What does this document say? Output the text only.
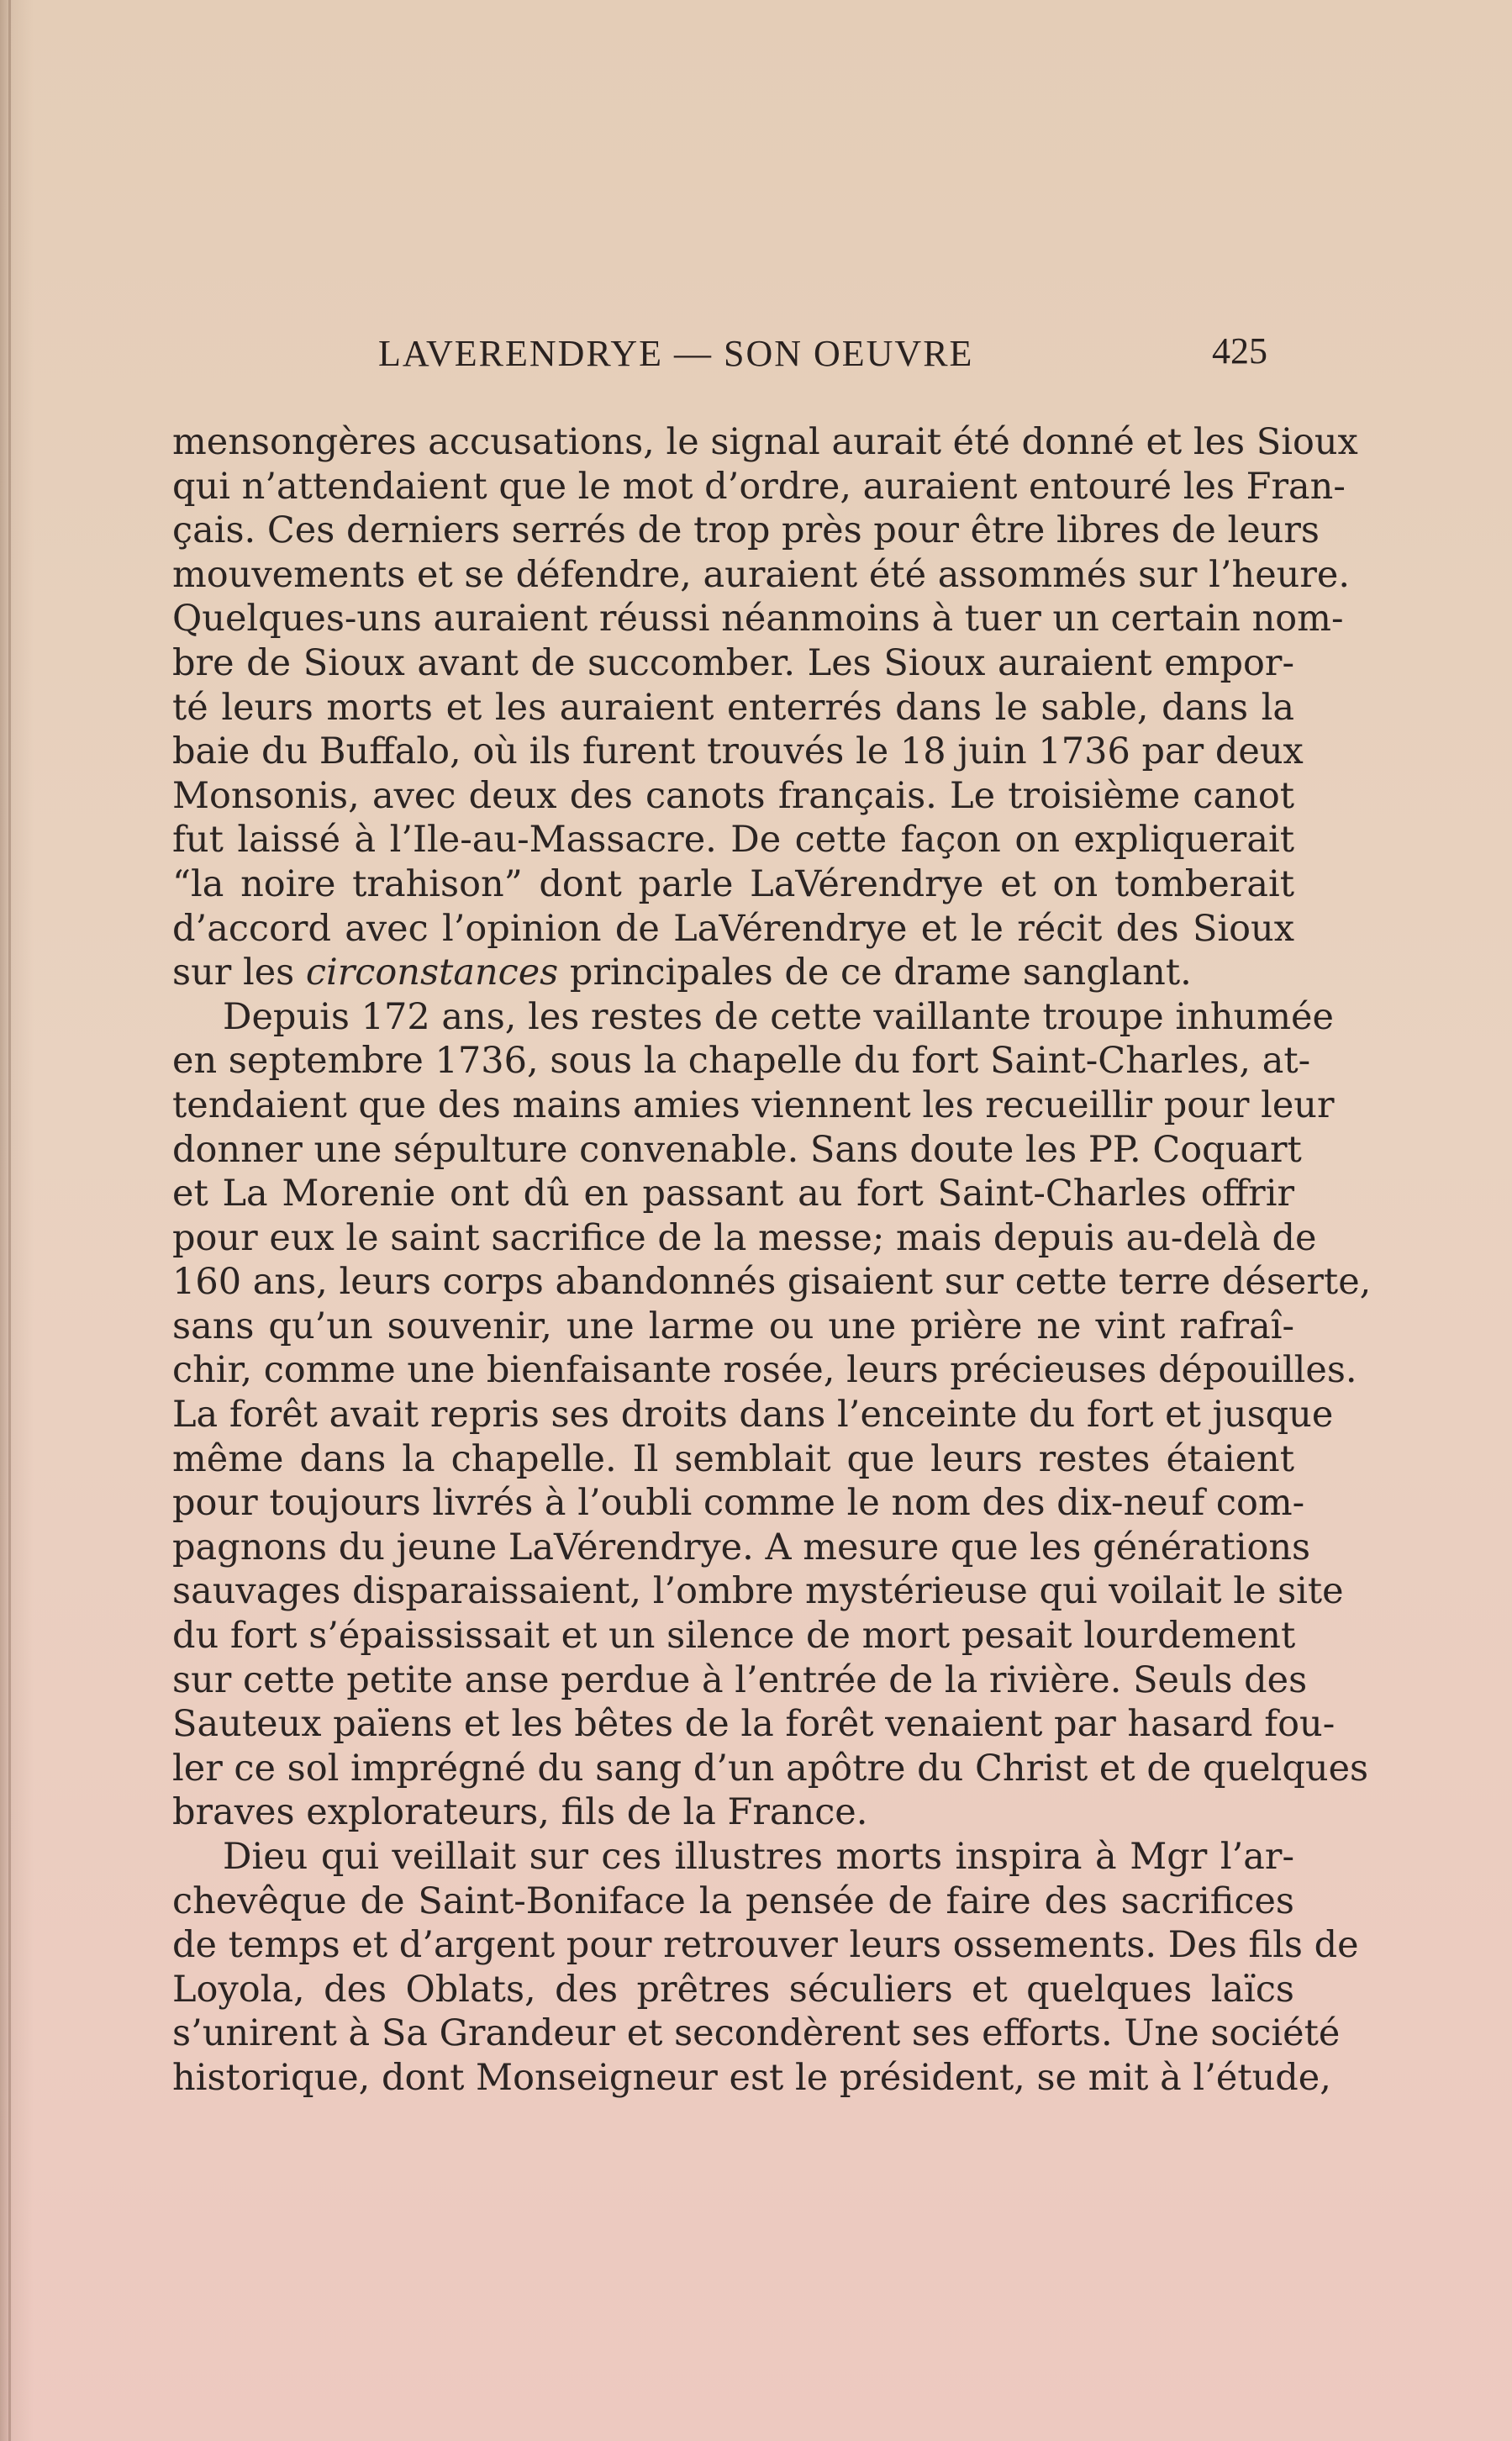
LAVERENDRYE — SON OEUVRE	425
mensongères accusations, le signal aurait été donné et les Sioux
qui n’attendaient que le mot d’ordre, auraient entouré les Fran-
çais. Ces derniers serrés de trop près pour être libres de leurs
mouvements et se défendre, auraient été assommés sur l’heure.
Quelques-uns auraient réussi néanmoins à tuer un certain nom-
bre de Sioux avant de succomber. Les Sioux auraient empor-
té leurs morts et les auraient enterrés dans le sable, dans la
baie du Buffalo, où ils furent trouvés le 18 juin 1736 par deux
Monsonis, avec deux des canots français. Le troisième canot
fut laissé à l’Ile-au-Massacre. De cette façon on expliquerait
“la noire trahison” dont parle LaVérendrye et on tomberait
d’accord avec l’opinion de LaVérendrye et le récit des Sioux
sur les circonstances principales de ce drame sanglant.
Depuis 172 ans, les restes de cette vaillante troupe inhumée
en septembre 1736, sous la chapelle du fort Saint-Charles, at-
tendaient que des mains amies viennent les recueillir pour leur
donner une sépulture convenable. Sans doute les PP. Coquart
et La Morenie ont dû en passant au fort Saint-Charles offrir
pour eux le saint sacrifice de la messe; mais depuis au-delà de
160 ans, leurs corps abandonnés gisaient sur cette terre déserte,
sans qu’un souvenir, une larme ou une prière ne vint rafraî-
chir, comme une bienfaisante rosée, leurs précieuses dépouilles.
La forêt avait repris ses droits dans l’enceinte du fort et jusque
même dans la chapelle. Il semblait que leurs restes étaient
pour toujours livrés à l’oubli comme le nom des dix-neuf com-
pagnons du jeune LaVérendrye. A mesure que les générations
sauvages disparaissaient, l’ombre mystérieuse qui voilait le site
du fort s’épaississait et un silence de mort pesait lourdement
sur cette petite anse perdue à l’entrée de la rivière. Seuls des
Sauteux païens et les bêtes de la forêt venaient par hasard fou-
ler ce sol imprégné du sang d’un apôtre du Christ et de quelques
braves explorateurs, fils de la France.
Dieu qui veillait sur ces illustres morts inspira à Mgr l’ar-
chevêque de Saint-Boniface la pensée de faire des sacrifices
de temps et d’argent pour retrouver leurs ossements. Des fils de
Loyola, des Oblats, des prêtres séculiers et quelques laïcs
s’unirent à Sa Grandeur et secondèrent ses efforts. Une société
historique, dont Monseigneur est le président, se mit à l’étude,
